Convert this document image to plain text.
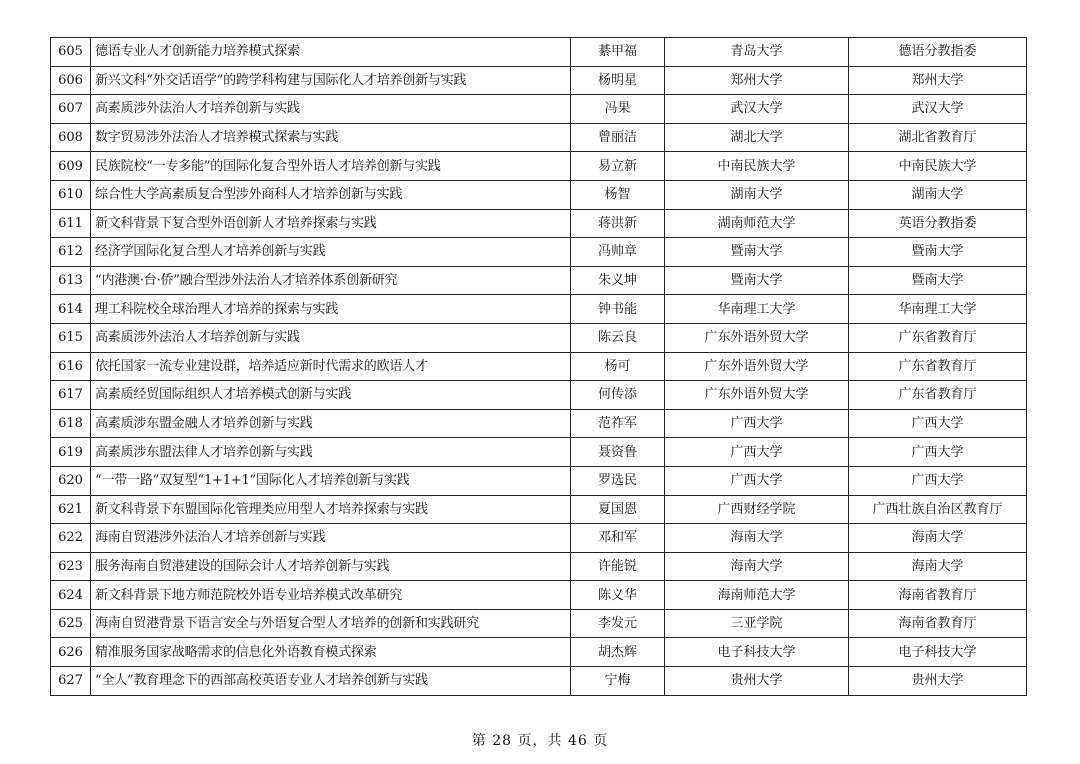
605	德语专业人才创新能力培养模式探索	綦甲福	青岛大学	德语分教指委
606	新兴文科“外交话语学”的跨学科构建与国际化人才培养创新与实践	杨明星	郑州大学	郑州大学
607	高素质涉外法治人才培养创新与实践	冯果	武汉大学	武汉大学
608	数字贸易涉外法治人才培养模式探索与实践	曾丽洁	湖北大学	湖北省教育厅
609	民族院校“一专多能”的国际化复合型外语人才培养创新与实践	易立新	中南民族大学	中南民族大学
610	综合性大学高素质复合型涉外商科人才培养创新与实践	杨智	湖南大学	湖南大学
611	新文科背景下复合型外语创新人才培养探索与实践	蒋洪新	湖南师范大学	英语分教指委
612	经济学国际化复合型人才培养创新与实践	冯帅章	暨南大学	暨南大学
613	“内港澳·台·侨”融合型涉外法治人才培养体系创新研究	朱义坤	暨南大学	暨南大学
614	理工科院校全球治理人才培养的探索与实践	钟书能	华南理工大学	华南理工大学
615	高素质涉外法治人才培养创新与实践	陈云良	广东外语外贸大学	广东省教育厅
616	依托国家一流专业建设群，培养适应新时代需求的欧语人才	杨可	广东外语外贸大学	广东省教育厅
617	高素质经贸国际组织人才培养模式创新与实践	何传添	广东外语外贸大学	广东省教育厅
618	高素质涉东盟金融人才培养创新与实践	范祚军	广西大学	广西大学
619	高素质涉东盟法律人才培养创新与实践	聂资鲁	广西大学	广西大学
620	“一带一路”双复型“1+1+1”国际化人才培养创新与实践	罗选民	广西大学	广西大学
621	新文科背景下东盟国际化管理类应用型人才培养探索与实践	夏国恩	广西财经学院	广西壮族自治区教育厅
622	海南自贸港涉外法治人才培养创新与实践	邓和军	海南大学	海南大学
623	服务海南自贸港建设的国际会计人才培养创新与实践	许能锐	海南大学	海南大学
624	新文科背景下地方师范院校外语专业培养模式改革研究	陈义华	海南师范大学	海南省教育厅
625	海南自贸港背景下语言安全与外语复合型人才培养的创新和实践研究	李发元	三亚学院	海南省教育厅
626	精准服务国家战略需求的信息化外语教育模式探索	胡杰辉	电子科技大学	电子科技大学
627	“全人”教育理念下的西部高校英语专业人才培养创新与实践	宁梅	贵州大学	贵州大学
第 28 页，共 46 页
